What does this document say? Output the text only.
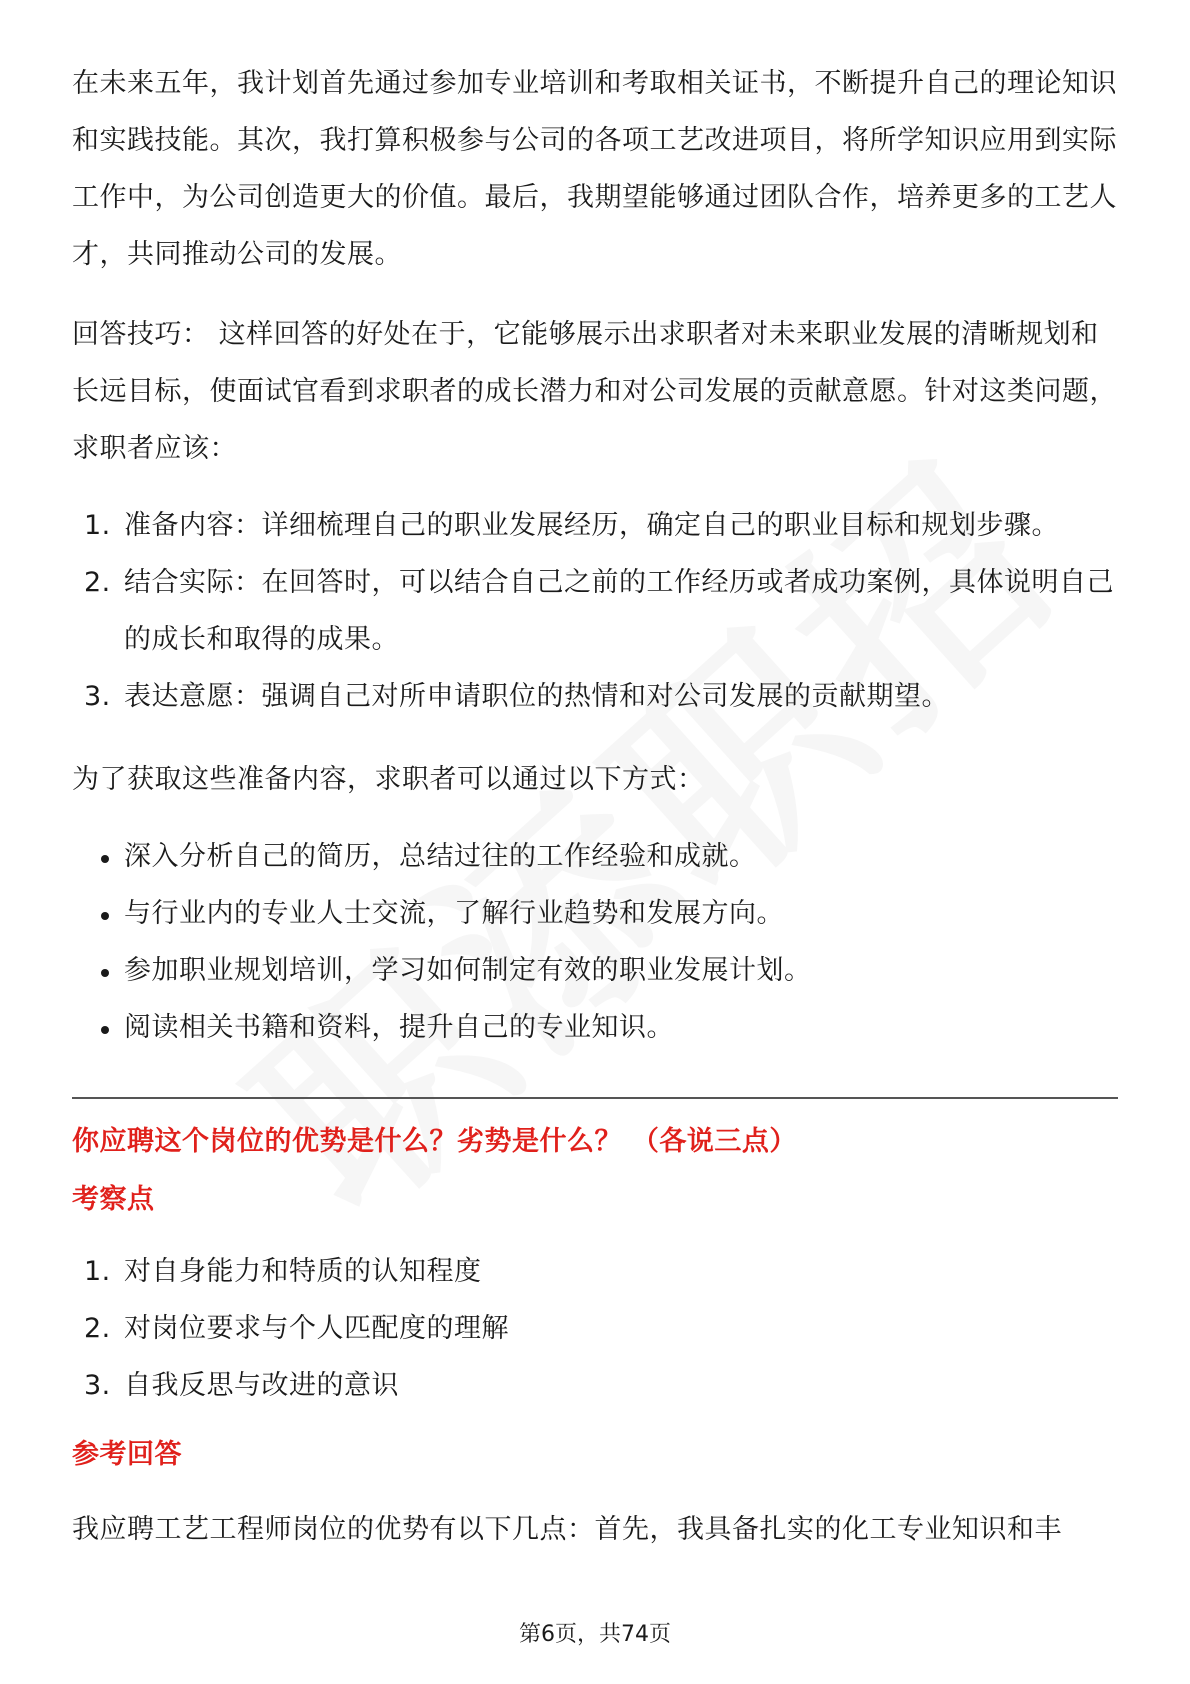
在未来五年，我计划首先通过参加专业培训和考取相关证书，不断提升自己的理论知识和实践技能。其次，我打算积极参与公司的各项工艺改进项目，将所学知识应用到实际工作中，为公司创造更大的价值。最后，我期望能够通过团队合作，培养更多的工艺人才，共同推动公司的发展。

回答技巧： 这样回答的好处在于，它能够展示出求职者对未来职业发展的清晰规划和长远目标，使面试官看到求职者的成长潜力和对公司发展的贡献意愿。针对这类问题，求职者应该：

1. 准备内容：详细梳理自己的职业发展经历，确定自己的职业目标和规划步骤。
2. 结合实际：在回答时，可以结合自己之前的工作经历或者成功案例，具体说明自己的成长和取得的成果。
3. 表达意愿：强调自己对所申请职位的热情和对公司发展的贡献期望。

为了获取这些准备内容，求职者可以通过以下方式：

深入分析自己的简历，总结过往的工作经验和成就。
与行业内的专业人士交流，了解行业趋势和发展方向。
参加职业规划培训，学习如何制定有效的职业发展计划。
阅读相关书籍和资料，提升自己的专业知识。

你应聘这个岗位的优势是什么？劣势是什么？ （各说三点）

考察点

1. 对自身能力和特质的认知程度
2. 对岗位要求与个人匹配度的理解
3. 自我反思与改进的意识

参考回答

我应聘工艺工程师岗位的优势有以下几点：首先，我具备扎实的化工专业知识和丰

第6页，共74页
